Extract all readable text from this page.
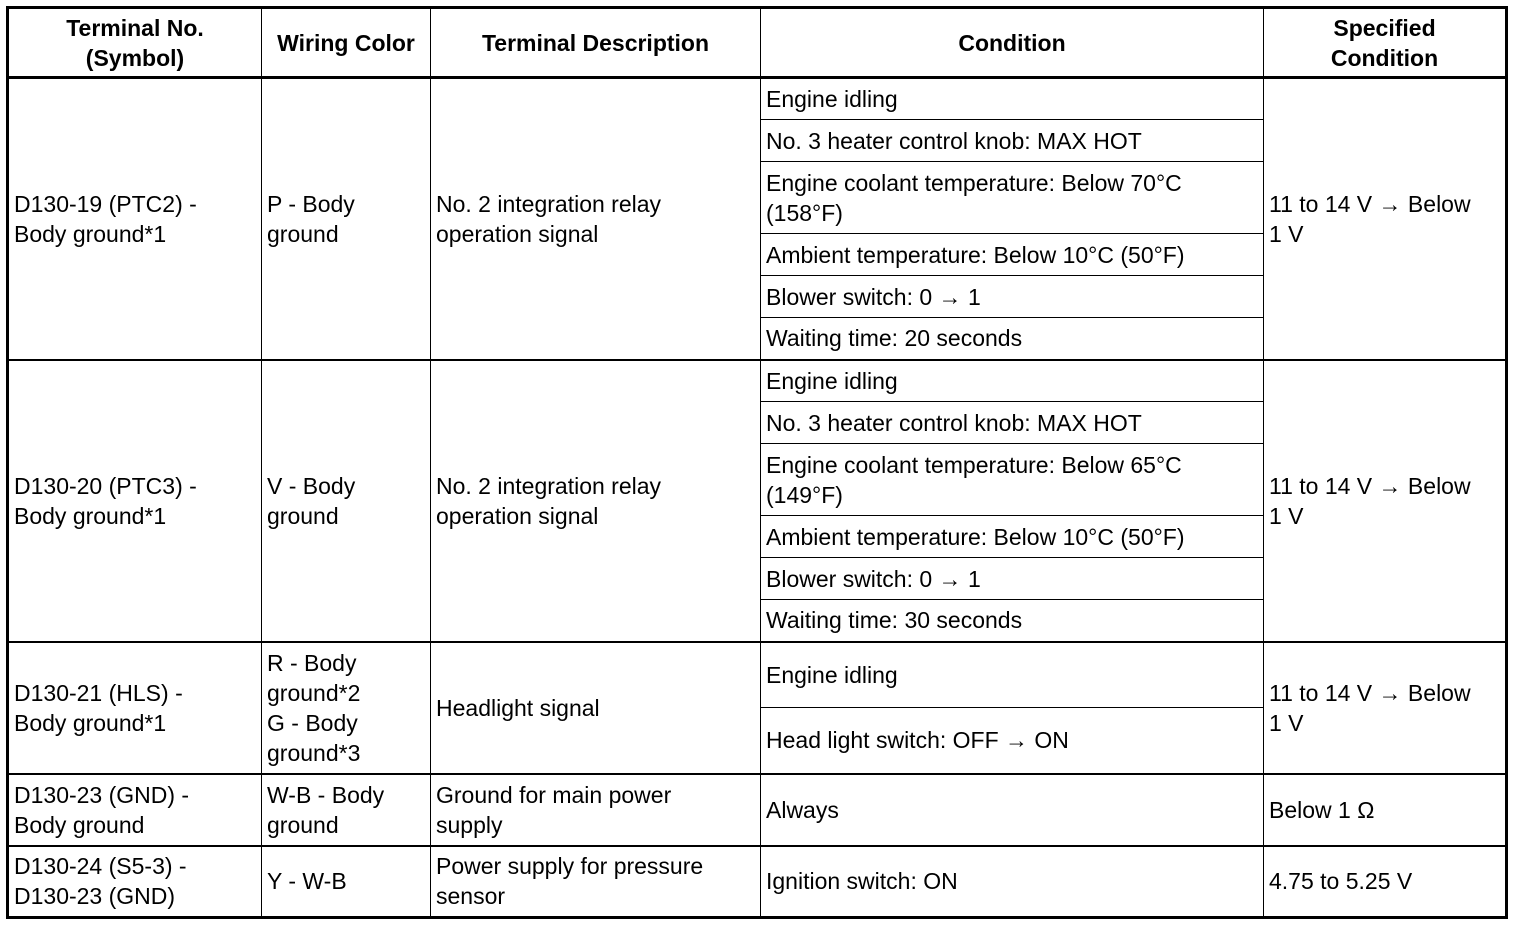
Terminal No.
(Symbol)	Wiring Color	Terminal Description	Condition	Specified
Condition

D130-19 (PTC2) -
Body ground*1	P - Body
ground	No. 2 integration relay
operation signal	Engine idling	11 to 14 V → Below
1 V

			No. 3 heater control knob: MAX HOT	

			Engine coolant temperature: Below 70°C
(158°F)	

			Ambient temperature: Below 10°C (50°F)	

			Blower switch: 0 → 1	

			Waiting time: 20 seconds	

D130-20 (PTC3) -
Body ground*1	V - Body
ground	No. 2 integration relay
operation signal	Engine idling	11 to 14 V → Below
1 V

			No. 3 heater control knob: MAX HOT	

			Engine coolant temperature: Below 65°C
(149°F)	

			Ambient temperature: Below 10°C (50°F)	

			Blower switch: 0 → 1	

			Waiting time: 30 seconds	

D130-21 (HLS) -
Body ground*1	R - Body
ground*2
G - Body
ground*3	Headlight signal	Engine idling	11 to 14 V → Below
1 V

			Head light switch: OFF → ON	

D130-23 (GND) -
Body ground	W-B - Body
ground	Ground for main power
supply	Always	Below 1 Ω

D130-24 (S5-3) -
D130-23 (GND)	Y - W-B	Power supply for pressure
sensor	Ignition switch: ON	4.75 to 5.25 V
